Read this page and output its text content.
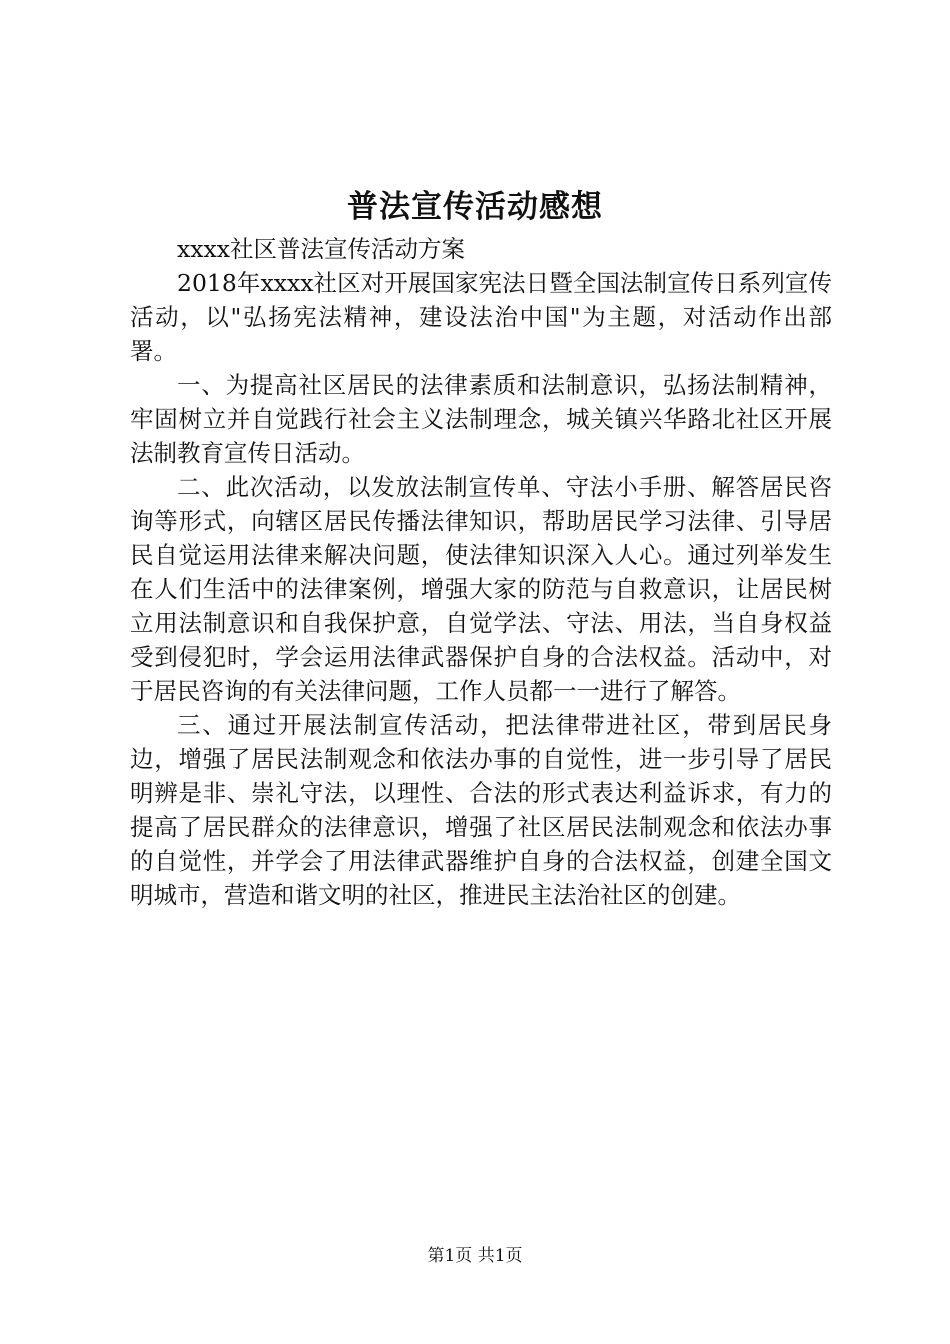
普法宣传活动感想

xxxx社区普法宣传活动方案

2018年xxxx社区对开展国家宪法日暨全国法制宣传日系列宣传活动，以"弘扬宪法精神，建设法治中国"为主题，对活动作出部署。

一、为提高社区居民的法律素质和法制意识，弘扬法制精神，牢固树立并自觉践行社会主义法制理念，城关镇兴华路北社区开展法制教育宣传日活动。

二、此次活动，以发放法制宣传单、守法小手册、解答居民咨询等形式，向辖区居民传播法律知识，帮助居民学习法律、引导居民自觉运用法律来解决问题，使法律知识深入人心。通过列举发生在人们生活中的法律案例，增强大家的防范与自救意识，让居民树立用法制意识和自我保护意，自觉学法、守法、用法，当自身权益受到侵犯时，学会运用法律武器保护自身的合法权益。活动中，对于居民咨询的有关法律问题，工作人员都一一进行了解答。

三、通过开展法制宣传活动，把法律带进社区，带到居民身边，增强了居民法制观念和依法办事的自觉性，进一步引导了居民明辨是非、崇礼守法，以理性、合法的形式表达利益诉求，有力的提高了居民群众的法律意识，增强了社区居民法制观念和依法办事的自觉性，并学会了用法律武器维护自身的合法权益，创建全国文明城市，营造和谐文明的社区，推进民主法治社区的创建。

第1页 共1页
